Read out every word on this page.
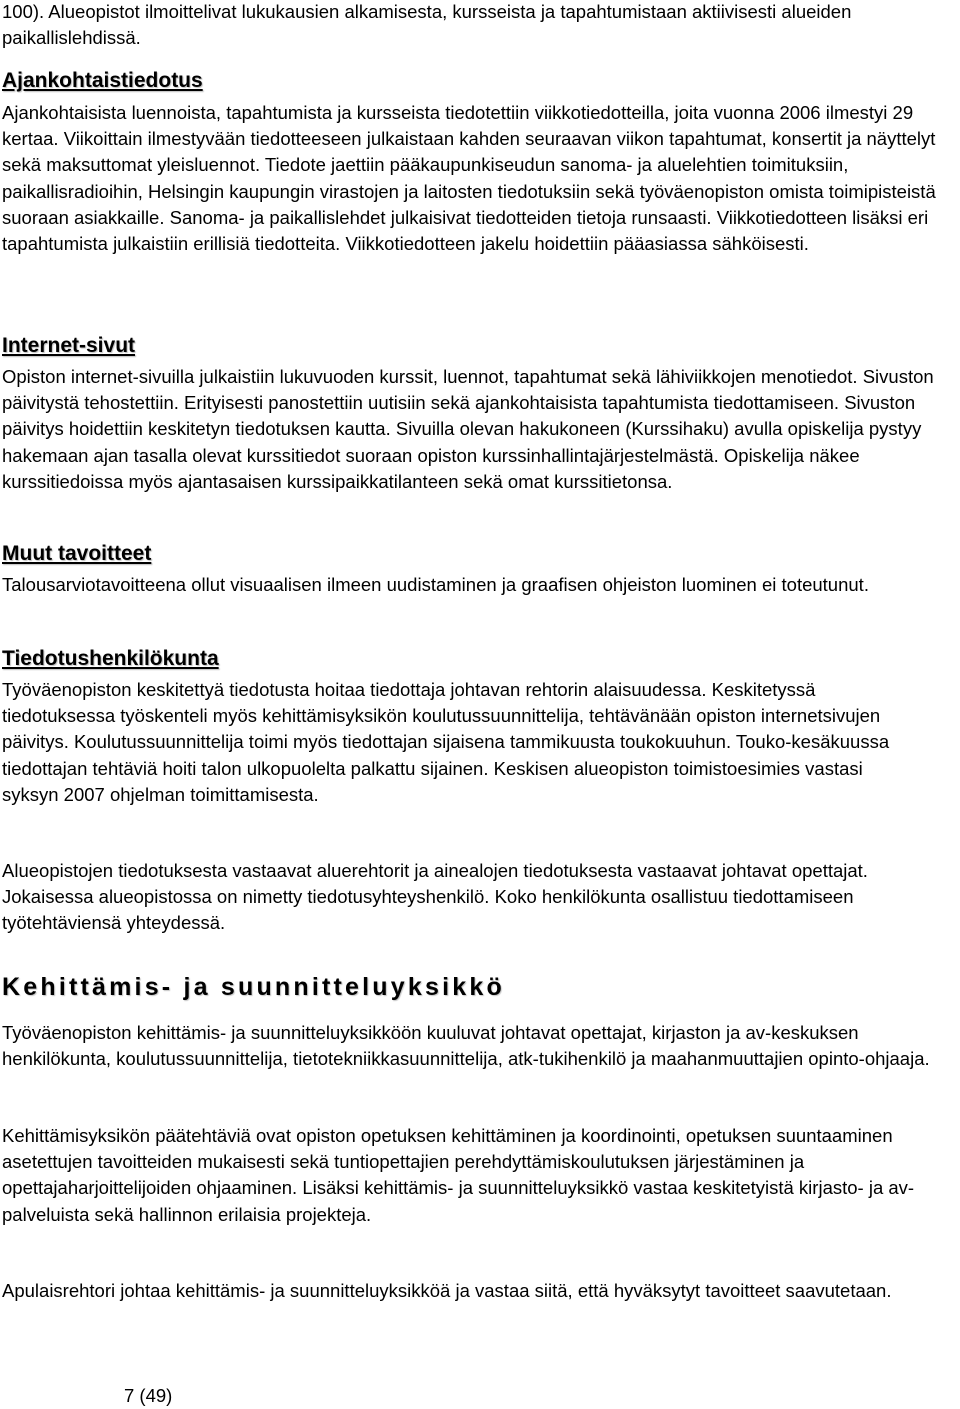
100). Alueopistot ilmoittelivat lukukausien alkamisesta, kursseista ja tapahtumistaan aktiivisesti alueiden paikallislehdissä.

Ajankohtaistiedotus

Ajankohtaisista luennoista, tapahtumista ja kursseista tiedotettiin viikkotiedotteilla, joita vuonna 2006 ilmestyi 29 kertaa. Viikoittain ilmestyvään tiedotteeseen julkaistaan kahden seuraavan viikon tapahtumat, konsertit ja näyttelyt sekä maksuttomat yleisluennot. Tiedote jaettiin pääkaupunkiseudun sanoma- ja aluelehtien toimituksiin, paikallisradioihin, Helsingin kaupungin virastojen ja laitosten tiedotuksiin sekä työväenopiston omista toimipisteistä suoraan asiakkaille. Sanoma- ja paikallislehdet julkaisivat tiedotteiden tietoja runsaasti. Viikkotiedotteen lisäksi eri tapahtumista julkaistiin erillisiä tiedotteita. Viikkotiedotteen jakelu hoidettiin pääasiassa sähköisesti.

Internet-sivut

Opiston internet-sivuilla julkaistiin lukuvuoden kurssit, luennot, tapahtumat sekä lähiviikkojen menotiedot. Sivuston päivitystä tehostettiin. Erityisesti panostettiin uutisiin sekä ajankohtaisista tapahtumista tiedottamiseen. Sivuston päivitys hoidettiin keskitetyn tiedotuksen kautta. Sivuilla olevan hakukoneen (Kurssihaku) avulla opiskelija pystyy hakemaan ajan tasalla olevat kurssitiedot suoraan opiston kurssinhallintajärjestelmästä. Opiskelija näkee kurssitiedoissa myös ajantasaisen kurssipaikkatilanteen sekä omat kurssitietonsa.

Muut tavoitteet

Talousarviotavoitteena ollut visuaalisen ilmeen uudistaminen ja graafisen ohjeiston luominen ei toteutunut.

Tiedotushenkilökunta

Työväenopiston keskitettyä tiedotusta hoitaa tiedottaja johtavan rehtorin alaisuudessa. Keskitetyssä tiedotuksessa työskenteli myös kehittämisyksikön koulutussuunnittelija, tehtävänään opiston internetsivujen päivitys. Koulutussuunnittelija toimi myös tiedottajan sijaisena tammikuusta toukokuuhun. Touko-kesäkuussa tiedottajan tehtäviä hoiti talon ulkopuolelta palkattu sijainen. Keskisen alueopiston toimistoesimies vastasi syksyn 2007 ohjelman toimittamisesta.

Alueopistojen tiedotuksesta vastaavat aluerehtorit ja ainealojen tiedotuksesta vastaavat johtavat opettajat. Jokaisessa alueopistossa on nimetty tiedotusyhteyshenkilö. Koko henkilökunta osallistuu tiedottamiseen työtehtäviensä yhteydessä.

Kehittämis- ja suunnitteluyksikkö

Työväenopiston kehittämis- ja suunnitteluyksikköön kuuluvat johtavat opettajat, kirjaston ja av-keskuksen henkilökunta, koulutussuunnittelija, tietotekniikkasuunnittelija, atk-tukihenkilö ja maahanmuuttajien opinto-ohjaaja.

Kehittämisyksikön päätehtäviä ovat opiston opetuksen kehittäminen ja koordinointi, opetuksen suuntaaminen asetettujen tavoitteiden mukaisesti sekä tuntiopettajien perehdyttämiskoulutuksen järjestäminen ja opettajaharjoittelijoiden ohjaaminen. Lisäksi kehittämis- ja suunnitteluyksikkö vastaa keskitetyistä kirjasto- ja av-palveluista sekä hallinnon erilaisia projekteja.

Apulaisrehtori johtaa kehittämis- ja suunnitteluyksikköä ja vastaa siitä, että hyväksytyt tavoitteet saavutetaan.

7 (49)
